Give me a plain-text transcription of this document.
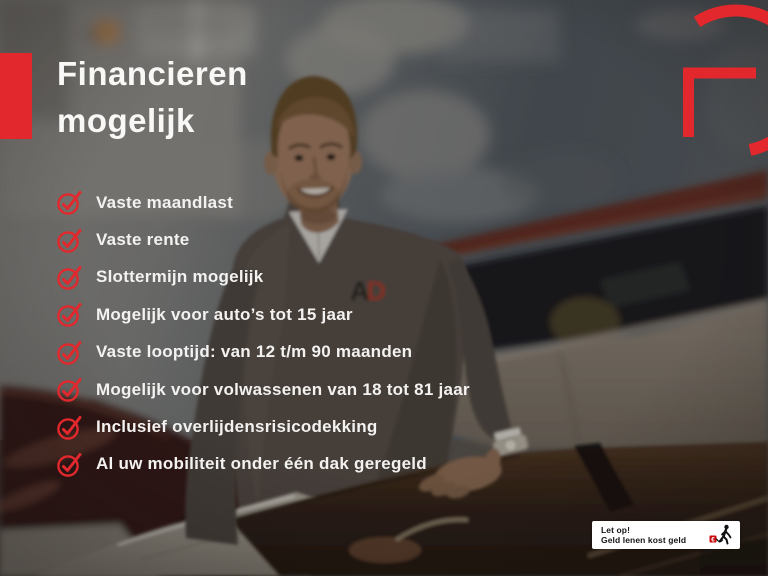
Financieren
mogelijk
Vaste maandlast
Vaste rente
Slottermijn mogelijk
Mogelijk voor auto’s tot 15 jaar
Vaste looptijd: van 12 t/m 90 maanden
Mogelijk voor volwassenen van 18 tot 81 jaar
Inclusief overlijdensrisicodekking
Al uw mobiliteit onder één dak geregeld
Let op!
Geld lenen kost geld	€
